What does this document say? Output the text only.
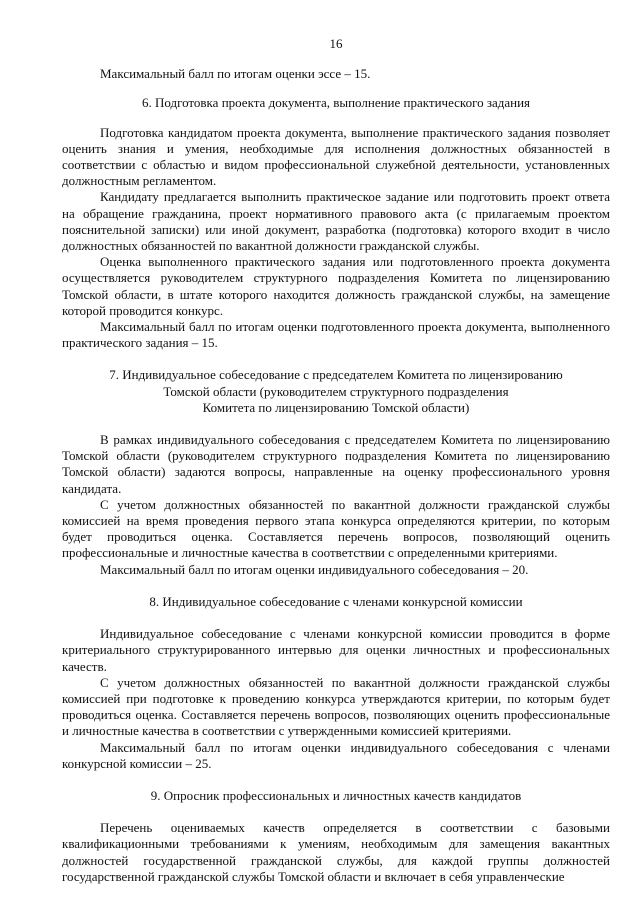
16

Максимальный балл по итогам оценки эссе – 15.

6. Подготовка проекта документа, выполнение практического задания

Подготовка кандидатом проекта документа, выполнение практического задания позволяет оценить знания и умения, необходимые для исполнения должностных обязанностей в соответствии с областью и видом профессиональной служебной деятельности, установленных должностным регламентом.

Кандидату предлагается выполнить практическое задание или подготовить проект ответа на обращение гражданина, проект нормативного правового акта (с прилагаемым проектом пояснительной записки) или иной документ, разработка (подготовка) которого входит в число должностных обязанностей по вакантной должности гражданской службы.

Оценка выполненного практического задания или подготовленного проекта документа осуществляется руководителем структурного подразделения Комитета по лицензированию Томской области, в штате которого находится должность гражданской службы, на замещение которой проводится конкурс.

Максимальный балл по итогам оценки подготовленного проекта документа, выполненного практического задания – 15.

7. Индивидуальное собеседование с председателем Комитета по лицензированию

Томской области (руководителем структурного подразделения

Комитета по лицензированию Томской области)

В рамках индивидуального собеседования с председателем Комитета по лицензированию Томской области (руководителем структурного подразделения Комитета по лицензированию Томской области) задаются вопросы, направленные на оценку профессионального уровня кандидата.

С учетом должностных обязанностей по вакантной должности гражданской службы комиссией на время проведения первого этапа конкурса определяются критерии, по которым будет проводиться оценка. Составляется перечень вопросов, позволяющий оценить профессиональные и личностные качества в соответствии с определенными критериями.

Максимальный балл по итогам оценки индивидуального собеседования – 20.

8. Индивидуальное собеседование с членами конкурсной комиссии

Индивидуальное собеседование с членами конкурсной комиссии проводится в форме критериального структурированного интервью для оценки личностных и профессиональных качеств.

С учетом должностных обязанностей по вакантной должности гражданской службы комиссией при подготовке к проведению конкурса утверждаются критерии, по которым будет проводиться оценка. Составляется перечень вопросов, позволяющих оценить профессиональные и личностные качества в соответствии с утвержденными комиссией критериями.

Максимальный балл по итогам оценки индивидуального собеседования с членами конкурсной комиссии – 25.

9. Опросник профессиональных и личностных качеств кандидатов

Перечень оцениваемых качеств определяется в соответствии с базовыми квалификационными требованиями к умениям, необходимым для замещения вакантных должностей государственной гражданской службы, для каждой группы должностей государственной гражданской службы Томской области и включает в себя управленческие
